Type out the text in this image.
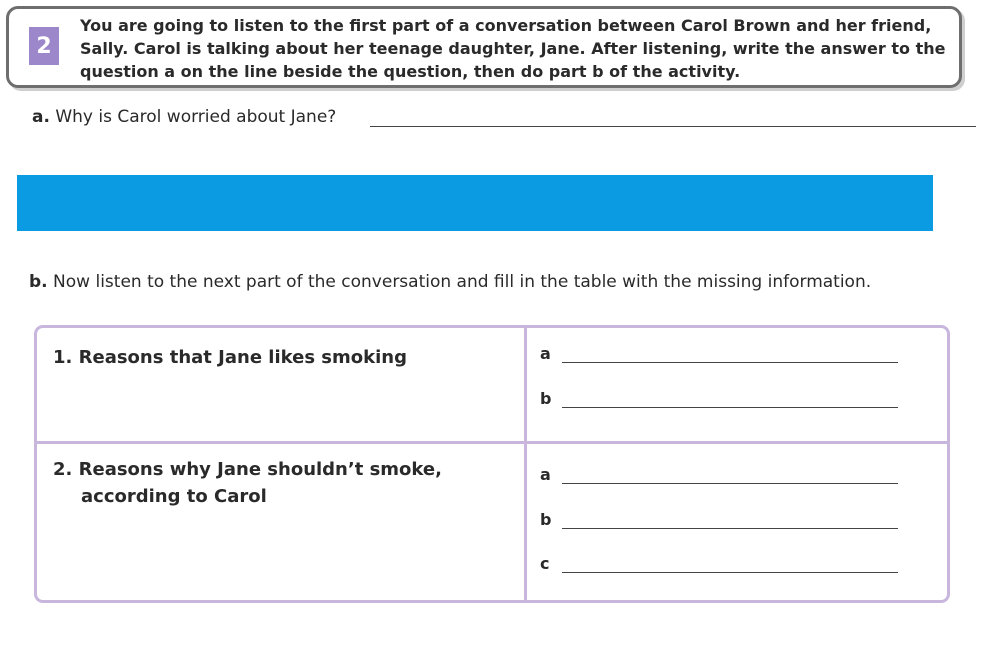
2
You are going to listen to the first part of a conversation between Carol Brown and her friend, Sally. Carol is talking about her teenage daughter, Jane. After listening, write the answer to the question a on the line beside the question, then do part b of the activity.
a. Why is Carol worried about Jane?
b. Now listen to the next part of the conversation and fill in the table with the missing information.
1. Reasons that Jane likes smoking
2. Reasons why Jane shouldn’t smoke,
according to Carol
a
b
a
b
c
